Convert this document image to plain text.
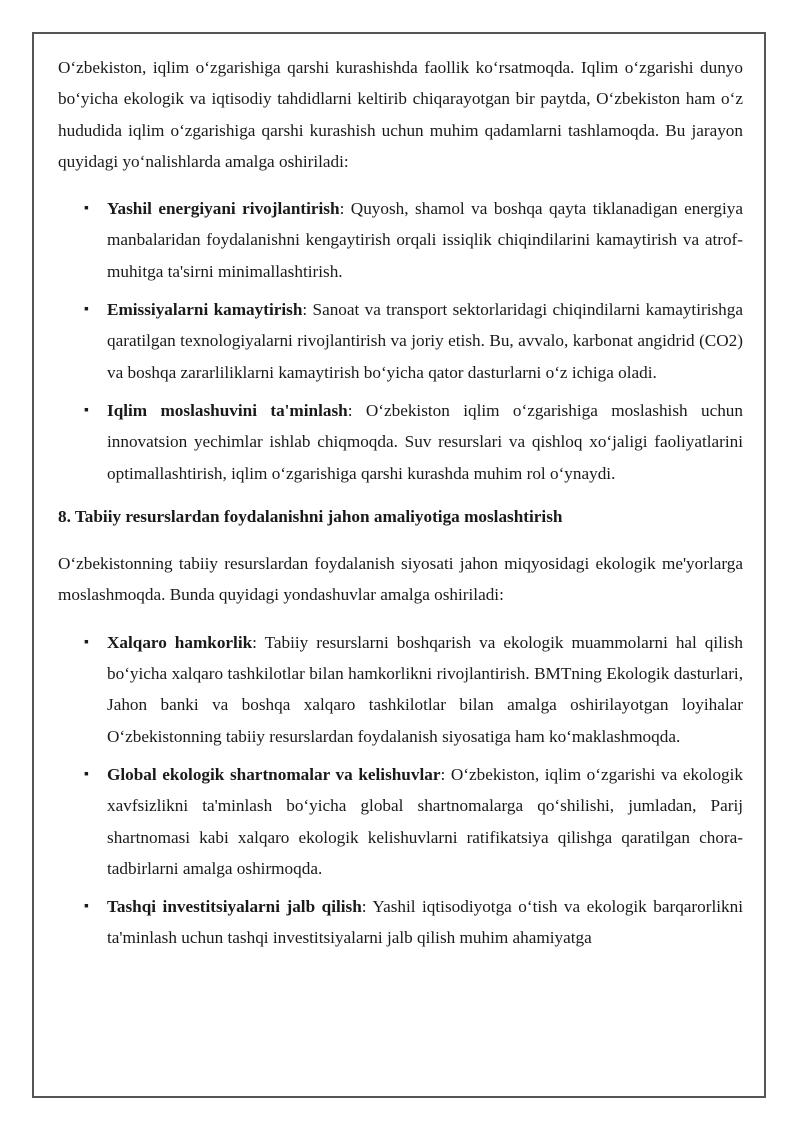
O‘zbekiston, iqlim o‘zgarishiga qarshi kurashishda faollik ko‘rsatmoqda. Iqlim o‘zgarishi dunyo bo‘yicha ekologik va iqtisodiy tahdidlarni keltirib chiqarayotgan bir paytda, O‘zbekiston ham o‘z hududida iqlim o‘zgarishiga qarshi kurashish uchun muhim qadamlarni tashlamoqda. Bu jarayon quyidagi yo‘nalishlarda amalga oshiriladi:

▪ Yashil energiyani rivojlantirish: Quyosh, shamol va boshqa qayta tiklanadigan energiya manbalaridan foydalanishni kengaytirish orqali issiqlik chiqindilarini kamaytirish va atrof-muhitga ta'sirni minimallashtirish.
▪ Emissiyalarni kamaytirish: Sanoat va transport sektorlaridagi chiqindilarni kamaytirishga qaratilgan texnologiyalarni rivojlantirish va joriy etish. Bu, avvalo, karbonat angidrid (CO2) va boshqa zararliliklarni kamaytirish bo‘yicha qator dasturlarni o‘z ichiga oladi.
▪ Iqlim moslashuvini ta'minlash: O‘zbekiston iqlim o‘zgarishiga moslashish uchun innovatsion yechimlar ishlab chiqmoqda. Suv resurslari va qishloq xo‘jaligi faoliyatlarini optimallashtirish, iqlim o‘zgarishiga qarshi kurashda muhim rol o‘ynaydi.

8. Tabiiy resurslardan foydalanishni jahon amaliyotiga moslashtirish

O‘zbekistonning tabiiy resurslardan foydalanish siyosati jahon miqyosidagi ekologik me'yorlarga moslashmoqda. Bunda quyidagi yondashuvlar amalga oshiriladi:

▪ Xalqaro hamkorlik: Tabiiy resurslarni boshqarish va ekologik muammolarni hal qilish bo‘yicha xalqaro tashkilotlar bilan hamkorlikni rivojlantirish. BMTning Ekologik dasturlari, Jahon banki va boshqa xalqaro tashkilotlar bilan amalga oshirilayotgan loyihalar O‘zbekistonning tabiiy resurslardan foydalanish siyosatiga ham ko‘maklashmoqda.
▪ Global ekologik shartnomalar va kelishuvlar: O‘zbekiston, iqlim o‘zgarishi va ekologik xavfsizlikni ta'minlash bo‘yicha global shartnomalarga qo‘shilishi, jumladan, Parij shartnomasi kabi xalqaro ekologik kelishuvlarni ratifikatsiya qilishga qaratilgan chora-tadbirlarni amalga oshirmoqda.
▪ Tashqi investitsiyalarni jalb qilish: Yashil iqtisodiyotga o‘tish va ekologik barqarorlikni ta'minlash uchun tashqi investitsiyalarni jalb qilish muhim ahamiyatga
